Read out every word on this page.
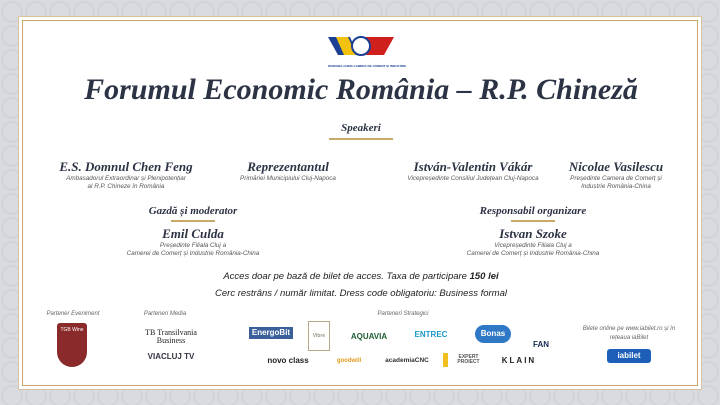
ROMANIA-CHINA CAMERA DE COMERȚ ȘI INDUSTRIE
Forumul Economic România – R.P. Chineză
Speakeri
E.S. Domnul Chen Feng
Ambasadorul Extraordinar și Plenipotențiar
al R.P. Chineze în România
Reprezentantul
Primăriei Municipiului Cluj-Napoca
István-Valentin Vákár
Vicepreședinte Consiliul Județean Cluj-Napoca
Nicolae Vasilescu
Președinte Camera de Comerț și
Industrie România-China
Gazdă și moderator
Emil Culda
Președinte Filiala Cluj a
Camerei de Comerț și Industrie România-China
Responsabil organizare
Istvan Szoke
Vicepreședinte Filiala Cluj a
Camerei de Comerț și Industrie România-China
Acces doar pe bază de bilet de acces. Taxa de participare 150 lei
Cerc restrâns / număr limitat. Dress code obligatoriu: Business formal
Partener Eveniment
TGB Wine
Parteneri Media
TB Transilvania Business
VIACLUJ TV
Parteneri Strategici
EnergoBit	Vibre	AQUAVIA	ENTREC	Bonas
FAN
novo class	goodwill	academiaCNC	EXPERT PROIECT	KLAIN
Bilete online pe www.iabilet.ro și în rețeaua iaBilet
iabilet
